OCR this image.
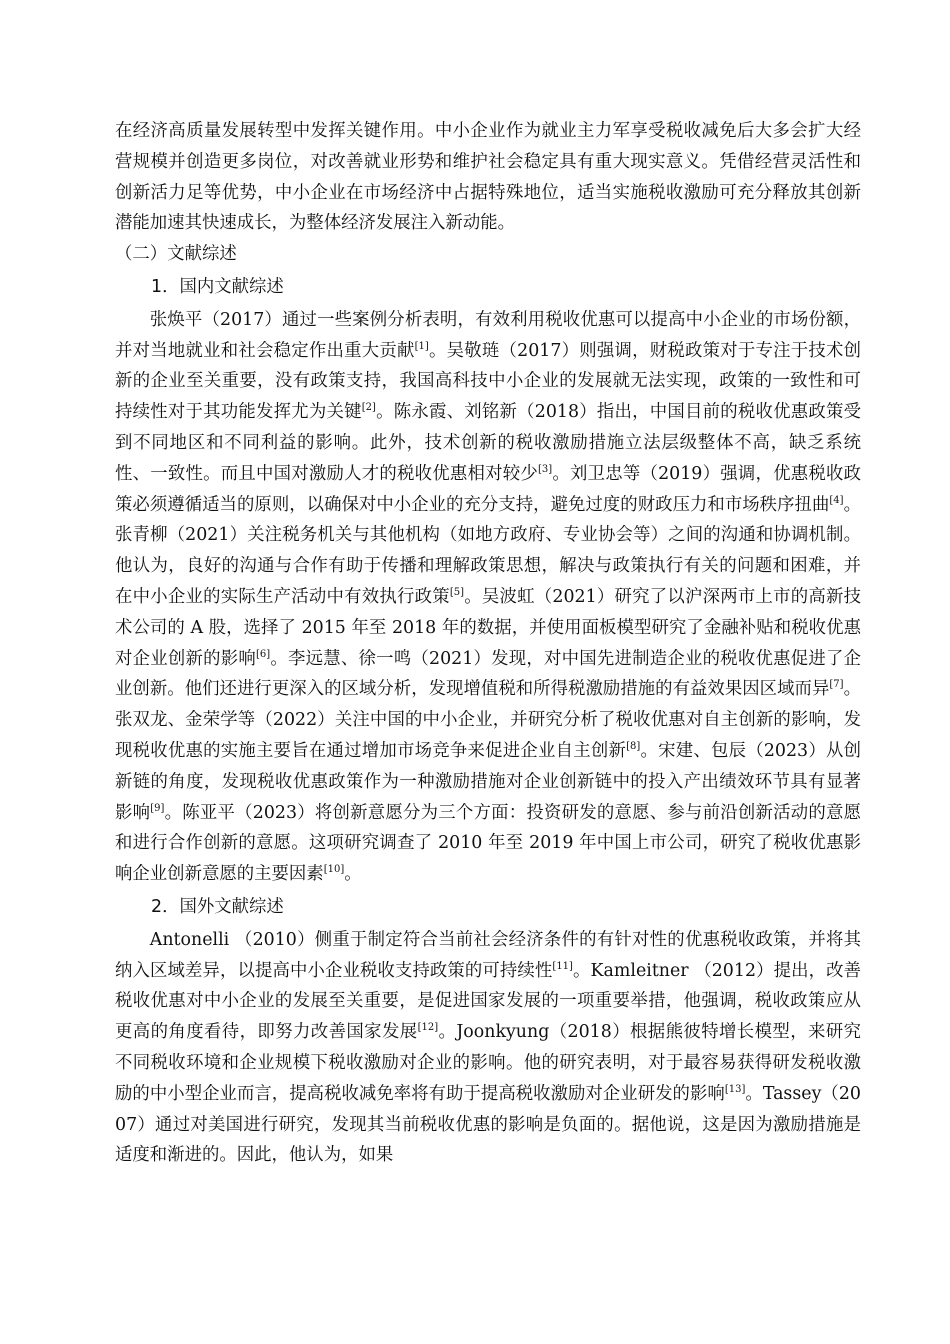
在经济高质量发展转型中发挥关键作用。中小企业作为就业主力军享受税收减免后大多会扩大经营规模并创造更多岗位，对改善就业形势和维护社会稳定具有重大现实意义。凭借经营灵活性和创新活力足等优势，中小企业在市场经济中占据特殊地位，适当实施税收激励可充分释放其创新潜能加速其快速成长，为整体经济发展注入新动能。

（二）文献综述
1．国内文献综述

张焕平（2017）通过一些案例分析表明，有效利用税收优惠可以提高中小企业的市场份额，并对当地就业和社会稳定作出重大贡献[1]。吴敬琏（2017）则强调，财税政策对于专注于技术创新的企业至关重要，没有政策支持，我国高科技中小企业的发展就无法实现，政策的一致性和可持续性对于其功能发挥尤为关键[2]。陈永霞、刘铭新（2018）指出，中国目前的税收优惠政策受到不同地区和不同利益的影响。此外，技术创新的税收激励措施立法层级整体不高，缺乏系统性、一致性。而且中国对激励人才的税收优惠相对较少[3]。刘卫忠等（2019）强调，优惠税收政策必须遵循适当的原则，以确保对中小企业的充分支持，避免过度的财政压力和市场秩序扭曲[4]。张青柳（2021）关注税务机关与其他机构（如地方政府、专业协会等）之间的沟通和协调机制。他认为，良好的沟通与合作有助于传播和理解政策思想，解决与政策执行有关的问题和困难，并在中小企业的实际生产活动中有效执行政策[5]。吴波虹（2021）研究了以沪深两市上市的高新技术公司的 A 股，选择了 2015 年至 2018 年的数据，并使用面板模型研究了金融补贴和税收优惠对企业创新的影响[6]。李远慧、徐一鸣（2021）发现，对中国先进制造企业的税收优惠促进了企业创新。他们还进行更深入的区域分析，发现增值税和所得税激励措施的有益效果因区域而异[7]。张双龙、金荣学等（2022）关注中国的中小企业，并研究分析了税收优惠对自主创新的影响，发现税收优惠的实施主要旨在通过增加市场竞争来促进企业自主创新[8]。宋建、包辰（2023）从创新链的角度，发现税收优惠政策作为一种激励措施对企业创新链中的投入产出绩效环节具有显著影响[9]。陈亚平（2023）将创新意愿分为三个方面：投资研发的意愿、参与前沿创新活动的意愿和进行合作创新的意愿。这项研究调查了 2010 年至 2019 年中国上市公司，研究了税收优惠影响企业创新意愿的主要因素[10]。

2．国外文献综述

Antonelli （2010）侧重于制定符合当前社会经济条件的有针对性的优惠税收政策，并将其纳入区域差异，以提高中小企业税收支持政策的可持续性[11]。Kamleitner （2012）提出，改善税收优惠对中小企业的发展至关重要，是促进国家发展的一项重要举措，他强调，税收政策应从更高的角度看待，即努力改善国家发展[12]。Joonkyung（2018）根据熊彼特增长模型，来研究不同税收环境和企业规模下税收激励对企业的影响。他的研究表明，对于最容易获得研发税收激励的中小型企业而言，提高税收减免率将有助于提高税收激励对企业研发的影响[13]。Tassey（2007）通过对美国进行研究，发现其当前税收优惠的影响是负面的。据他说，这是因为激励措施是适度和渐进的。因此，他认为，如果
